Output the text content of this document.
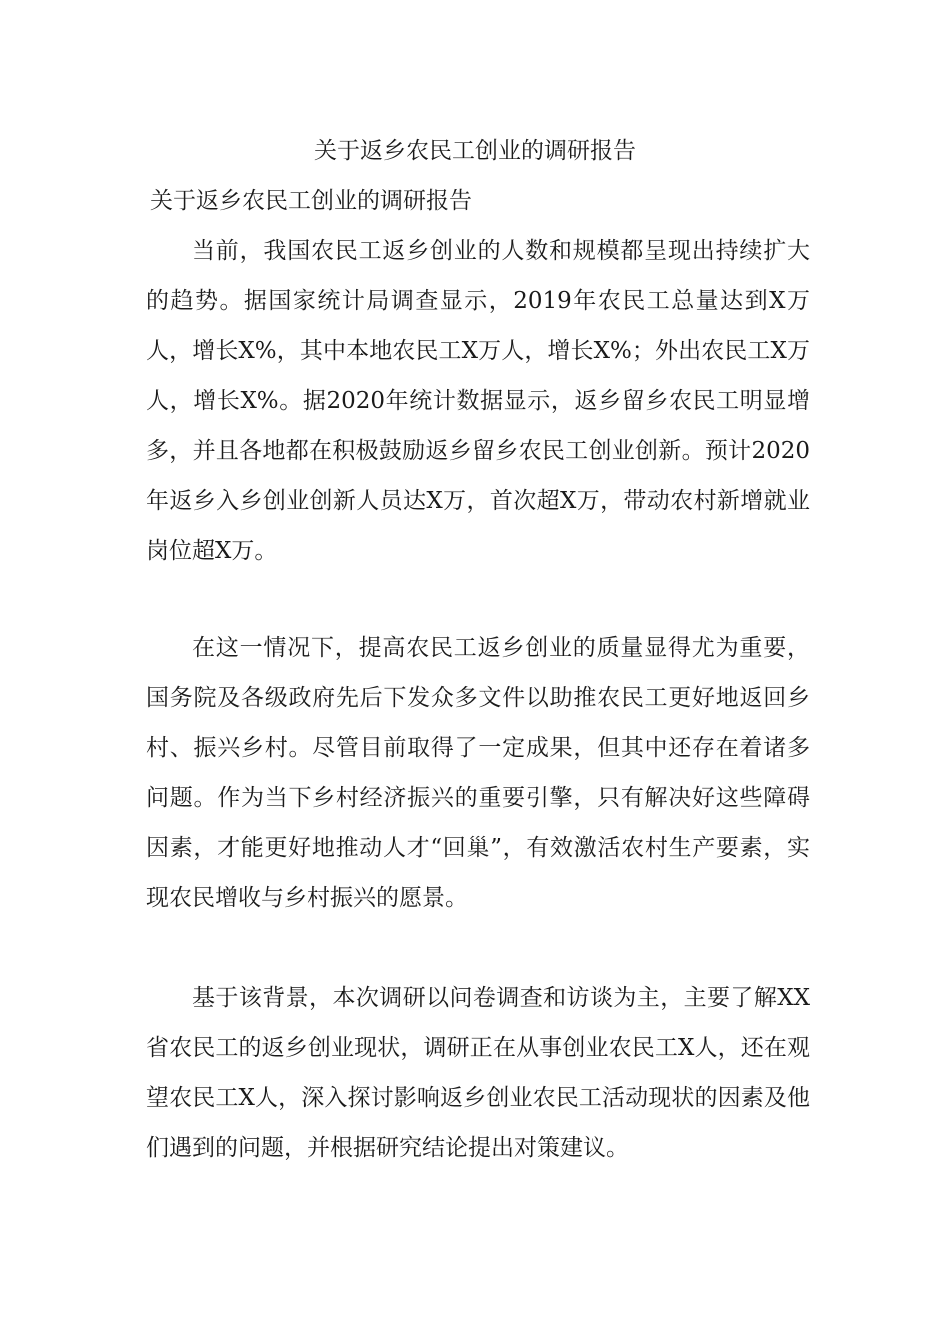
关于返乡农民工创业的调研报告
关于返乡农民工创业的调研报告

当前，我国农民工返乡创业的人数和规模都呈现出持续扩大的趋势。据国家统计局调查显示，2019年农民工总量达到X万人，增长X%，其中本地农民工X万人，增长X%；外出农民工X万人，增长X%。据2020年统计数据显示，返乡留乡农民工明显增多，并且各地都在积极鼓励返乡留乡农民工创业创新。预计2020年返乡入乡创业创新人员达X万，首次超X万，带动农村新增就业岗位超X万。

在这一情况下，提高农民工返乡创业的质量显得尤为重要，国务院及各级政府先后下发众多文件以助推农民工更好地返回乡村、振兴乡村。尽管目前取得了一定成果，但其中还存在着诸多问题。作为当下乡村经济振兴的重要引擎，只有解决好这些障碍因素，才能更好地推动人才“回巢”，有效激活农村生产要素，实现农民增收与乡村振兴的愿景。

基于该背景，本次调研以问卷调查和访谈为主，主要了解XX省农民工的返乡创业现状，调研正在从事创业农民工X人，还在观望农民工X人，深入探讨影响返乡创业农民工活动现状的因素及他们遇到的问题，并根据研究结论提出对策建议。
